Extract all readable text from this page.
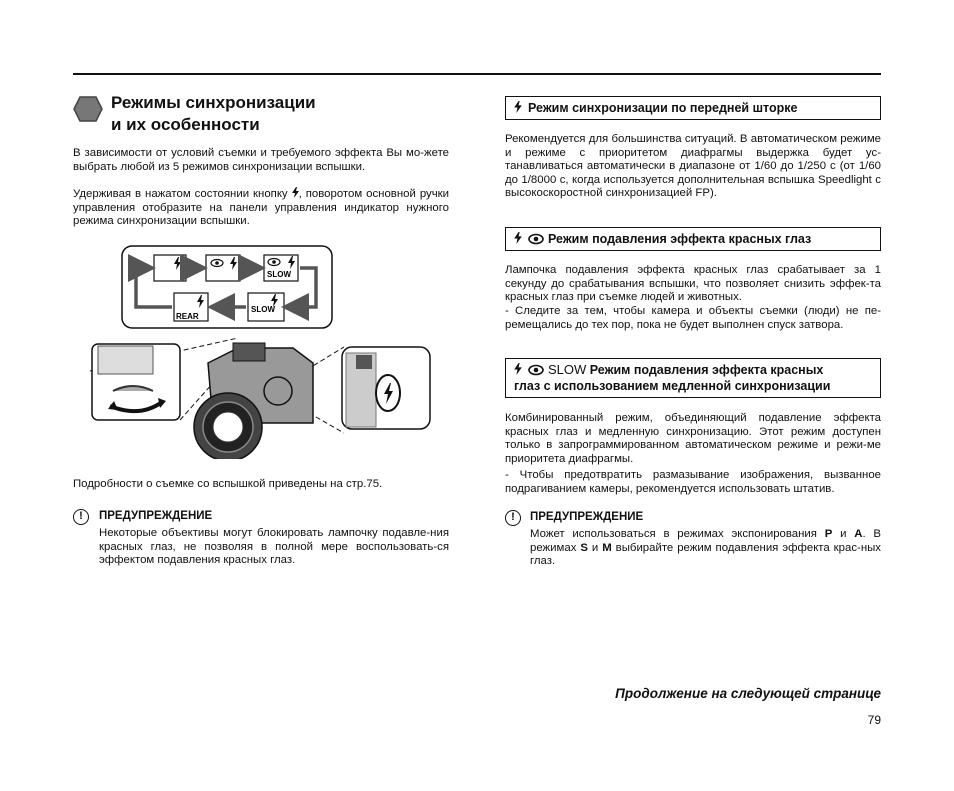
Режимы синхронизации
и их особенности
В зависимости от условий съемки и требуемого эффекта Вы мо-жете выбрать любой из 5 режимов синхронизации вспышки.
Удерживая в нажатом состоянии кнопку , поворотом основной ручки управления отобразите на панели управления индикатор нужного режима синхронизации вспышки.
SLOW
REAR
SLOW
Подробности о съемке со вспышкой приведены на стр.75.
!	ПРЕДУПРЕЖДЕНИЕ
Некоторые объективы могут блокировать лампочку подавле-ния красных глаз, не позволяя в полной мере воспользовать-ся эффектом подавления красных глаз.
Режим синхронизации по передней шторке
Рекомендуется для большинства ситуаций. В автоматическом режиме и режиме с приоритетом диафрагмы выдержка будет ус-танавливаться автоматически в диапазоне от 1/60 до 1/250 с (от 1/60 до 1/8000 с, когда используется дополнительная вспышка Speedlight с высокоскоростной синхронизацией FP).
Режим подавления эффекта красных глаз
Лампочка подавления эффекта красных глаз срабатывает за 1 секунду до срабатывания вспышки, что позволяет снизить эффек-та красных глаз при съемке людей и животных.
- Следите за тем, чтобы камера и объекты съемки (люди) не пе-ремещались до тех пор, пока не будет выполнен спуск затвора.
SLOW Режим подавления эффекта красных
глаз с использованием медленной синхронизации
Комбинированный режим, объединяющий подавление эффекта красных глаз и медленную синхронизацию. Этот режим доступен только в запрограммированном автоматическом режиме и режи-ме приоритета диафрагмы.
- Чтобы предотвратить размазывание изображения, вызванное подрагиванием камеры, рекомендуется использовать штатив.
!	ПРЕДУПРЕЖДЕНИЕ
Может использоваться в режимах экспонирования P и A. В режимах S и M выбирайте режим подавления эффекта крас-ных глаз.
Продолжение на следующей странице
79
